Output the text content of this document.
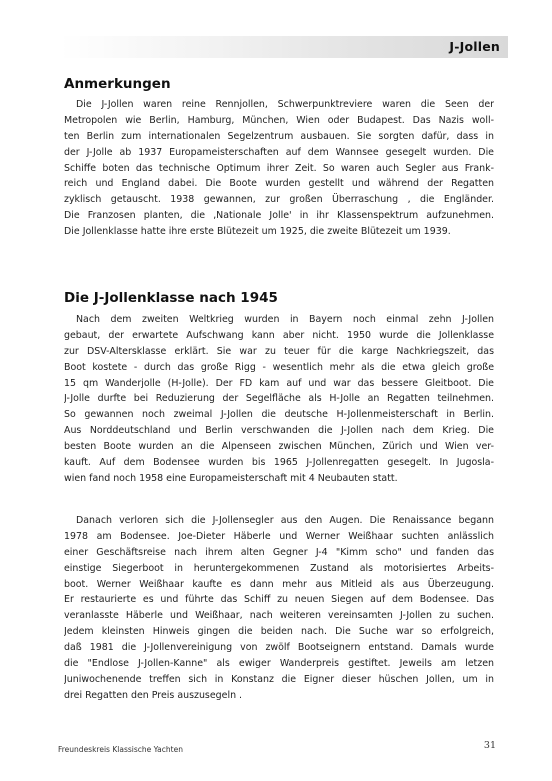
J-Jollen
Anmerkungen
Die J-Jollen waren reine Rennjollen, Schwerpunktreviere waren die Seen der
Metropolen wie Berlin, Hamburg, München, Wien oder Budapest. Das Nazis woll-
ten Berlin zum internationalen Segelzentrum ausbauen. Sie sorgten dafür, dass in
der J-Jolle ab 1937 Europameisterschaften auf dem Wannsee gesegelt wurden. Die
Schiffe boten das technische Optimum ihrer Zeit. So waren auch Segler aus Frank-
reich und England dabei. Die Boote wurden gestellt und während der Regatten
zyklisch getauscht. 1938 gewannen, zur großen Überraschung , die Engländer.
Die Franzosen planten, die ‚Nationale Jolle' in ihr Klassenspektrum aufzunehmen.
Die Jollenklasse hatte ihre erste Blütezeit um 1925, die zweite Blütezeit um 1939.
Die J-Jollenklasse nach 1945
Nach dem zweiten Weltkrieg wurden in Bayern noch einmal zehn J-Jollen
gebaut, der erwartete Aufschwang kann aber nicht. 1950 wurde die Jollenklasse
zur DSV-Altersklasse erklärt. Sie war zu teuer für die karge Nachkriegszeit, das
Boot kostete - durch das große Rigg - wesentlich mehr als die etwa gleich große
15 qm Wanderjolle (H-Jolle). Der FD kam auf und war das bessere Gleitboot. Die
J-Jolle durfte bei Reduzierung der Segelfläche als H-Jolle an Regatten teilnehmen.
So gewannen noch zweimal J-Jollen die deutsche H-Jollenmeisterschaft in Berlin.
Aus Norddeutschland und Berlin verschwanden die J-Jollen nach dem Krieg. Die
besten Boote wurden an die Alpenseen zwischen München, Zürich und Wien ver-
kauft. Auf dem Bodensee wurden bis 1965 J-Jollenregatten gesegelt. In Jugosla-
wien fand noch 1958 eine Europameisterschaft mit 4 Neubauten statt.
Danach verloren sich die J-Jollensegler aus den Augen. Die Renaissance begann
1978 am Bodensee. Joe-Dieter Häberle und Werner Weißhaar suchten anlässlich
einer Geschäftsreise nach ihrem alten Gegner J-4 "Kimm scho" und fanden das
einstige Siegerboot in heruntergekommenen Zustand als motorisiertes Arbeits-
boot. Werner Weißhaar kaufte es dann mehr aus Mitleid als aus Überzeugung.
Er restaurierte es und führte das Schiff zu neuen Siegen auf dem Bodensee. Das
veranlasste Häberle und Weißhaar, nach weiteren vereinsamten J-Jollen zu suchen.
Jedem kleinsten Hinweis gingen die beiden nach. Die Suche war so erfolgreich,
daß 1981 die J-Jollenvereinigung von zwölf Bootseignern entstand. Damals wurde
die "Endlose J-Jollen-Kanne" als ewiger Wanderpreis gestiftet. Jeweils am letzen
Juniwochenende treffen sich in Konstanz die Eigner dieser hüschen Jollen, um in
drei Regatten den Preis auszusegeln .
Freundeskreis Klassische Yachten	31
